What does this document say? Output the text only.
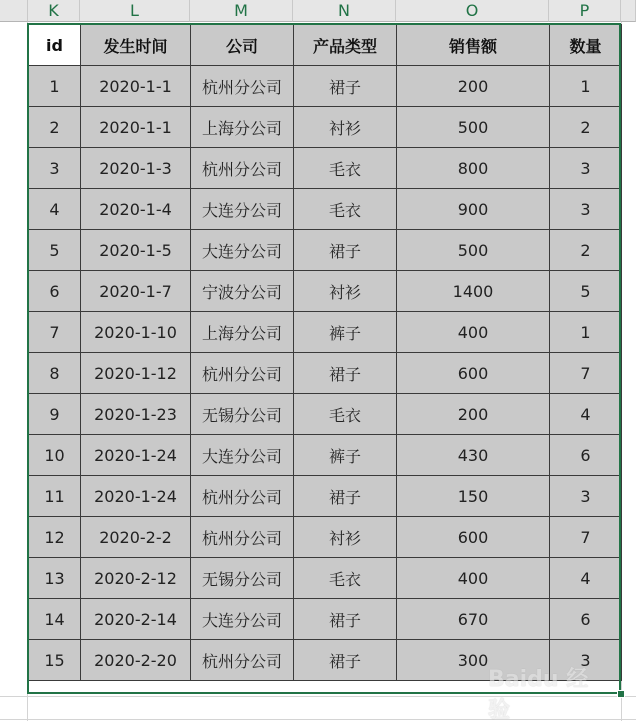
K	L	M	N	O	P
id	发生时间	公司	产品类型	销售额	数量
1	2020-1-1	杭州分公司	裙子	200	1
2	2020-1-1	上海分公司	衬衫	500	2
3	2020-1-3	杭州分公司	毛衣	800	3
4	2020-1-4	大连分公司	毛衣	900	3
5	2020-1-5	大连分公司	裙子	500	2
6	2020-1-7	宁波分公司	衬衫	1400	5
7	2020-1-10	上海分公司	裤子	400	1
8	2020-1-12	杭州分公司	裙子	600	7
9	2020-1-23	无锡分公司	毛衣	200	4
10	2020-1-24	大连分公司	裤子	430	6
11	2020-1-24	杭州分公司	裙子	150	3
12	2020-2-2	杭州分公司	衬衫	600	7
13	2020-2-12	无锡分公司	毛衣	400	4
14	2020-2-14	大连分公司	裙子	670	6
15	2020-2-20	杭州分公司	裙子	300	3
Baidu 经验
